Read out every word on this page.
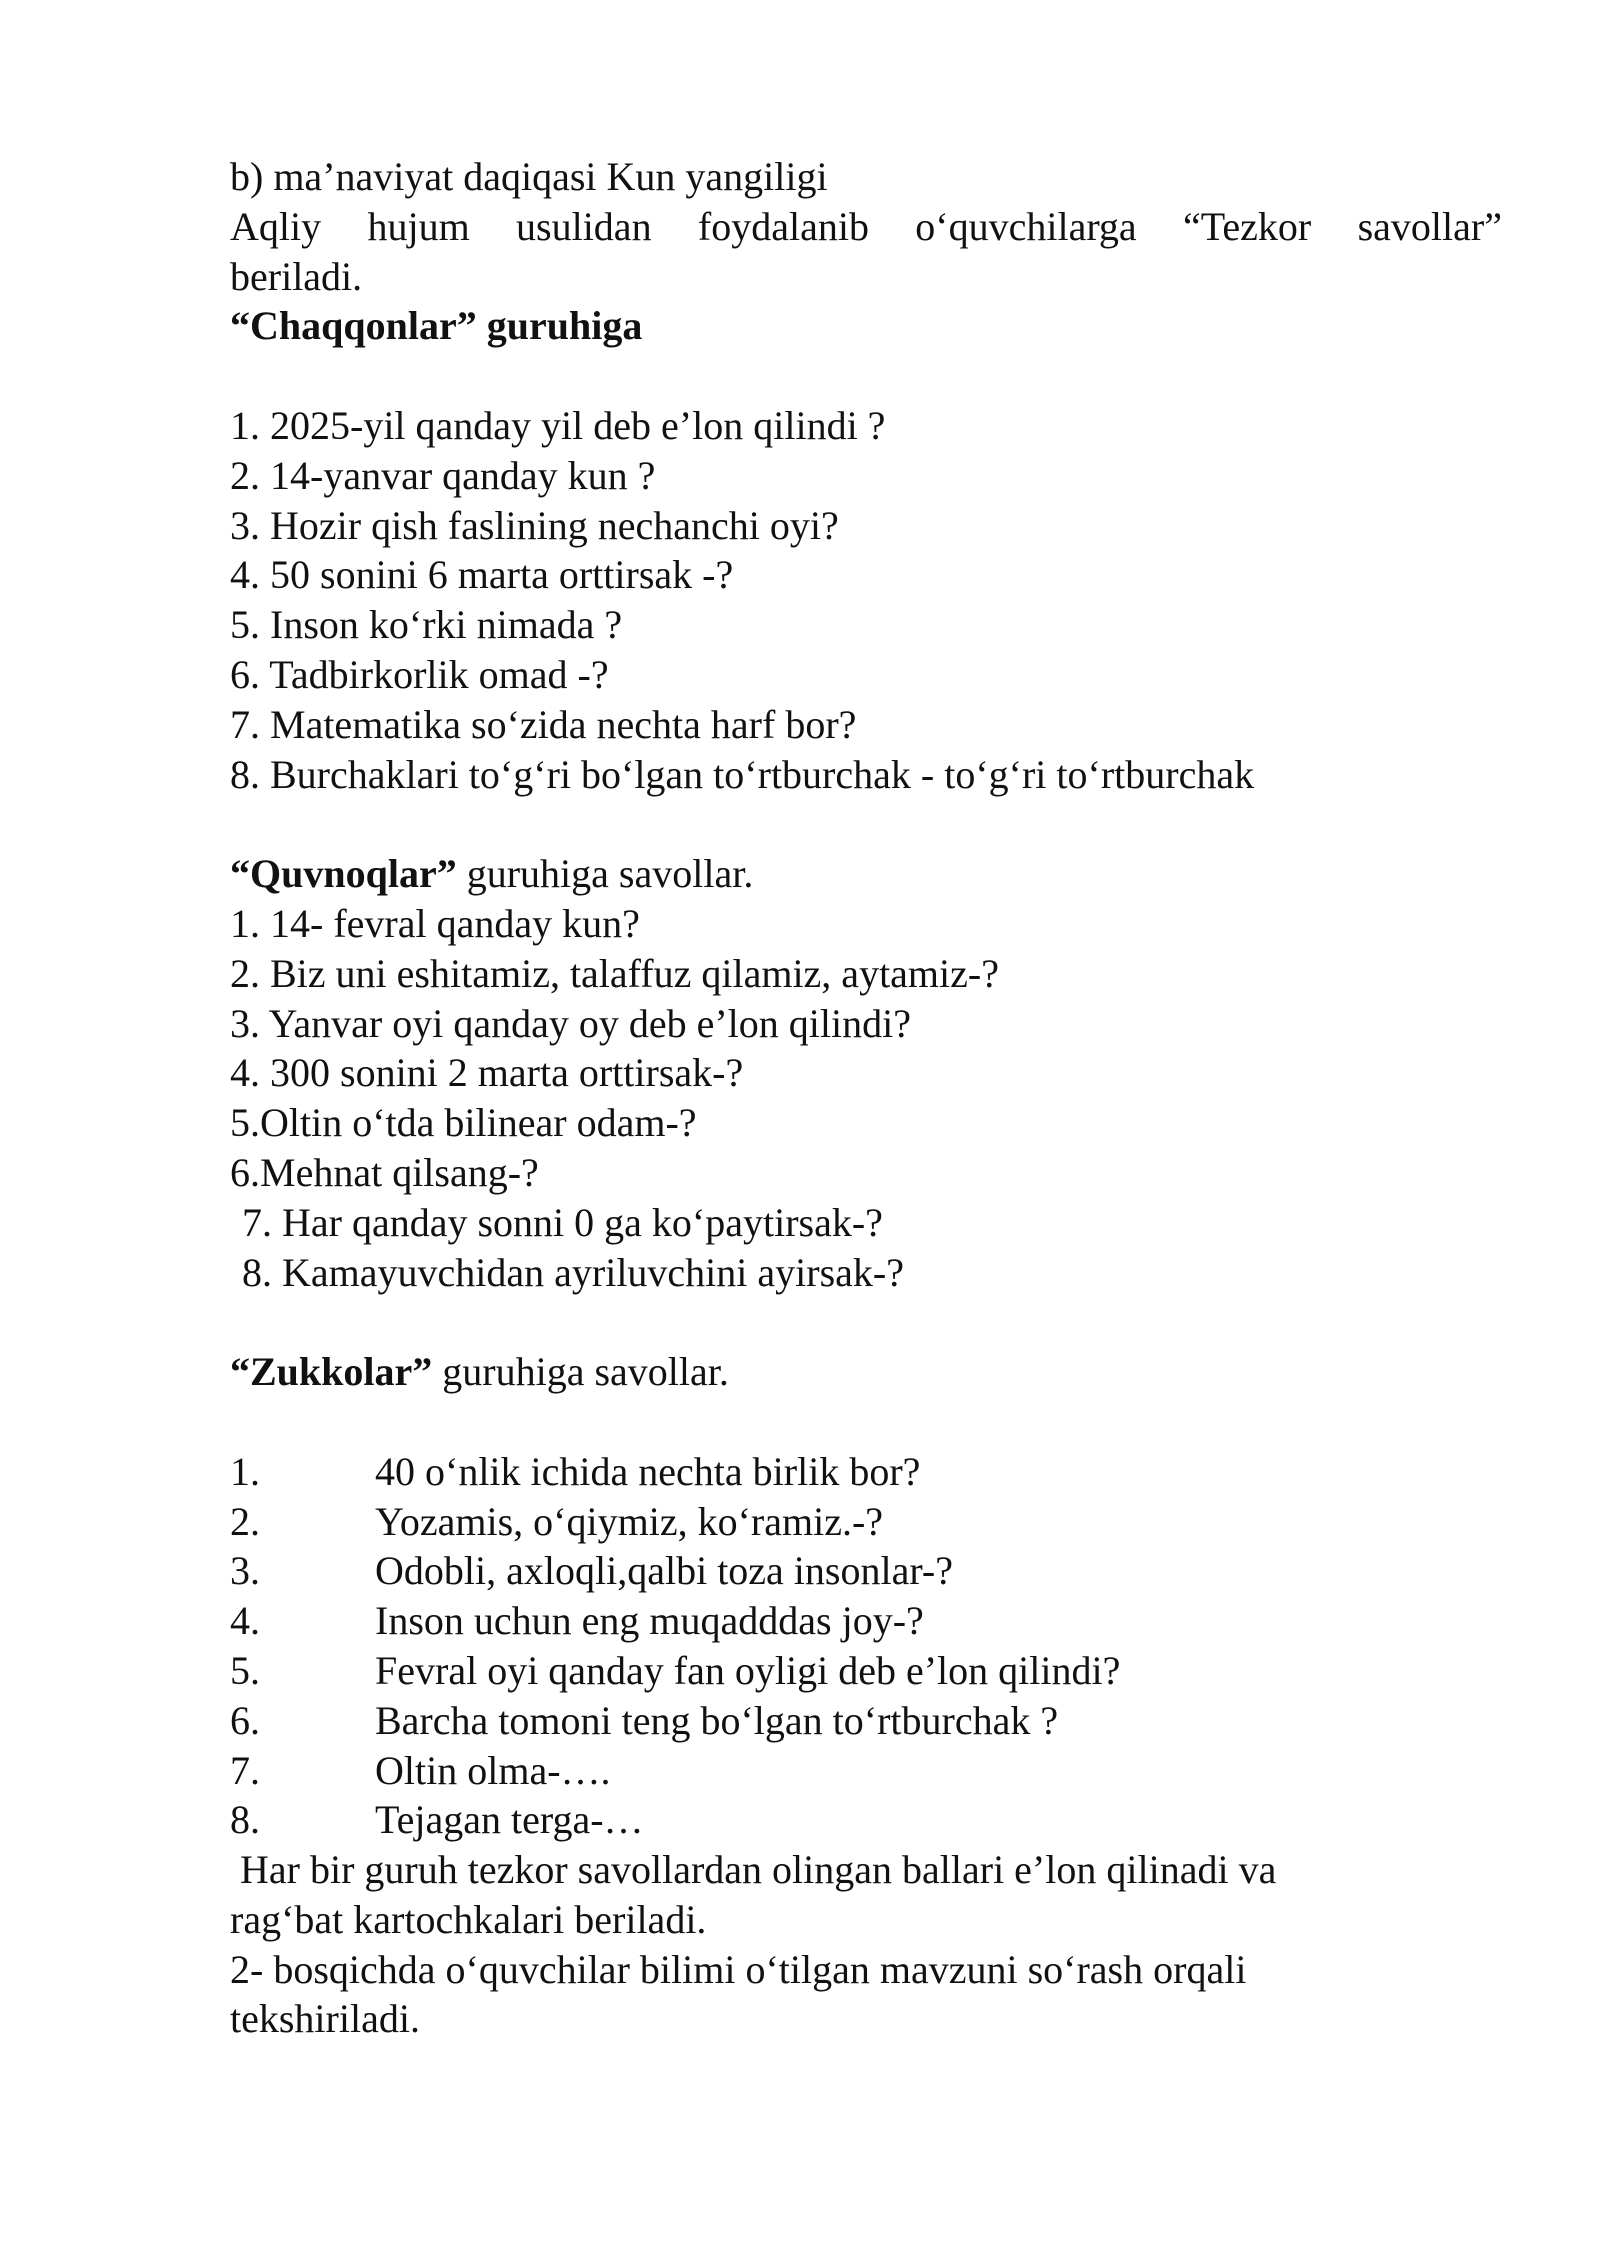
b) ma’naviyat daqiqasi Kun yangiligi
Aqliy hujum usulidan foydalanib o‘quvchilarga “Tezkor savollar”
beriladi.
“Chaqqonlar” guruhiga
1. 2025-yil qanday yil deb e’lon qilindi ?
2. 14-yanvar qanday kun ?
3. Hozir qish faslining nechanchi oyi?
4. 50 sonini 6 marta orttirsak -?
5. Inson ko‘rki nimada ?
6. Tadbirkorlik omad -?
7. Matematika so‘zida nechta harf bor?
8. Burchaklari to‘g‘ri bo‘lgan to‘rtburchak - to‘g‘ri to‘rtburchak
“Quvnoqlar” guruhiga savollar.
1. 14- fevral qanday kun?
2. Biz uni eshitamiz, talaffuz qilamiz, aytamiz-?
3. Yanvar oyi qanday oy deb e’lon qilindi?
4. 300 sonini 2 marta orttirsak-?
5.Oltin o‘tda bilinear odam-?
6.Mehnat qilsang-?
7. Har qanday sonni 0 ga ko‘paytirsak-?
8. Kamayuvchidan ayriluvchini ayirsak-?
“Zukkolar” guruhiga savollar.
1.	40 o‘nlik ichida nechta birlik bor?
2.	Yozamis, o‘qiymiz, ko‘ramiz.-?
3.	Odobli, axloqli,qalbi toza insonlar-?
4.	Inson uchun eng muqadddas joy-?
5.	Fevral oyi qanday fan oyligi deb e’lon qilindi?
6.	Barcha tomoni teng bo‘lgan to‘rtburchak ?
7.	Oltin olma-….
8.	Tejagan terga-…
Har bir guruh tezkor savollardan olingan ballari e’lon qilinadi va
rag‘bat kartochkalari beriladi.
2- bosqichda o‘quvchilar bilimi o‘tilgan mavzuni so‘rash orqali
tekshiriladi.
